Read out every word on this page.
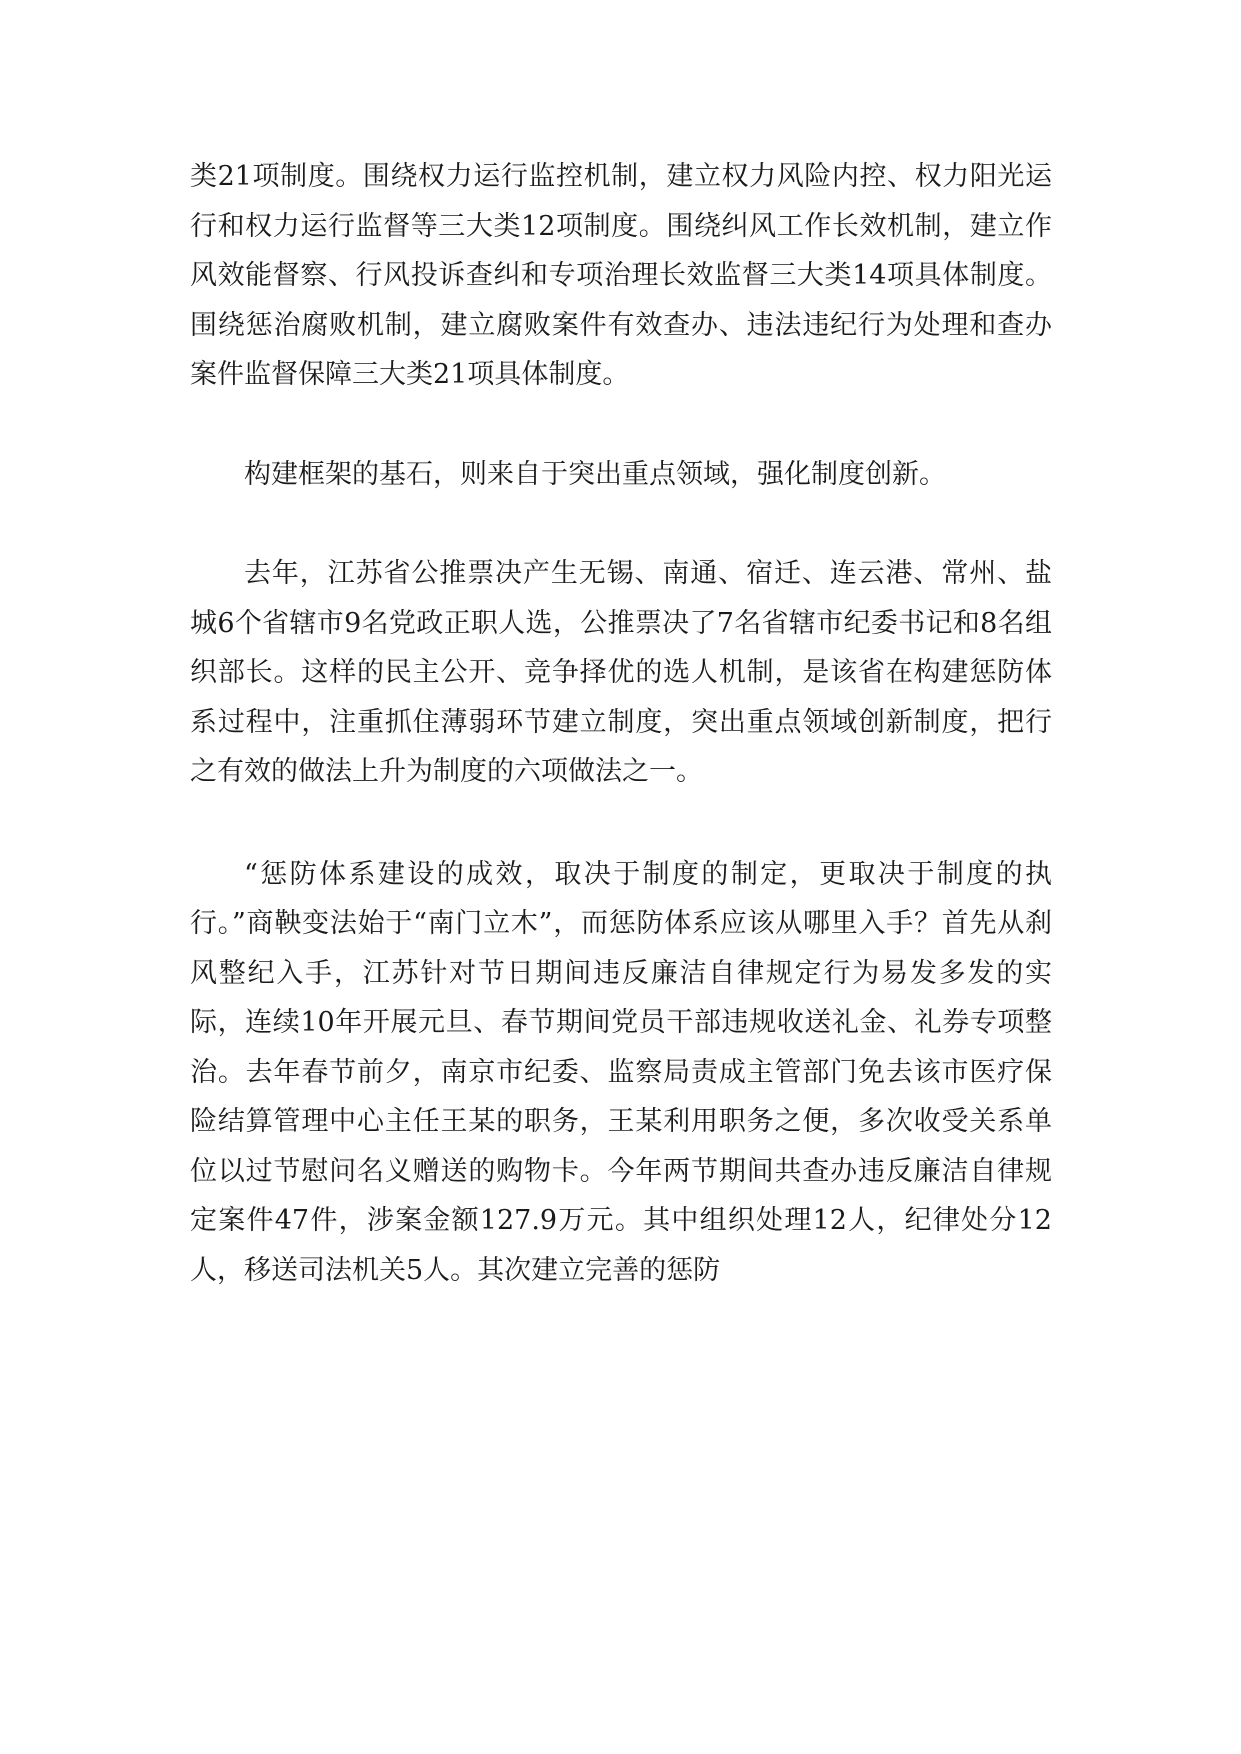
类21项制度。围绕权力运行监控机制，建立权力风险内控、权力阳光运行和权力运行监督等三大类12项制度。围绕纠风工作长效机制，建立作风效能督察、行风投诉查纠和专项治理长效监督三大类14项具体制度。围绕惩治腐败机制，建立腐败案件有效查办、违法违纪行为处理和查办案件监督保障三大类21项具体制度。

构建框架的基石，则来自于突出重点领域，强化制度创新。

去年，江苏省公推票决产生无锡、南通、宿迁、连云港、常州、盐城6个省辖市9名党政正职人选，公推票决了7名省辖市纪委书记和8名组织部长。这样的民主公开、竞争择优的选人机制，是该省在构建惩防体系过程中，注重抓住薄弱环节建立制度，突出重点领域创新制度，把行之有效的做法上升为制度的六项做法之一。

“惩防体系建设的成效，取决于制度的制定，更取决于制度的执行。”商鞅变法始于“南门立木”，而惩防体系应该从哪里入手？首先从刹风整纪入手，江苏针对节日期间违反廉洁自律规定行为易发多发的实际，连续10年开展元旦、春节期间党员干部违规收送礼金、礼券专项整治。去年春节前夕，南京市纪委、监察局责成主管部门免去该市医疗保险结算管理中心主任王某的职务，王某利用职务之便，多次收受关系单位以过节慰问名义赠送的购物卡。今年两节期间共查办违反廉洁自律规定案件47件，涉案金额127.9万元。其中组织处理12人，纪律处分12人，移送司法机关5人。其次建立完善的惩防
